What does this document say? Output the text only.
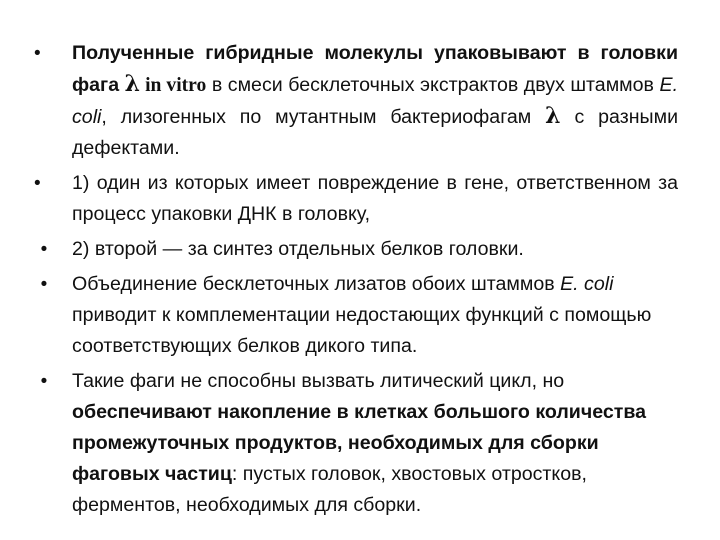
•	Полученные гибридные молекулы упаковывают в головки фага λ in vitro в смеси бесклеточных экстрактов двух штаммов E. coli, лизогенных по мутантным бактериофагам λ с разными дефектами.
•	1) один из которых имеет повреждение в гене, ответственном за процесс упаковки ДНК в головку,
•	2) второй — за синтез отдельных белков головки.
•	Объединение бесклеточных лизатов обоих штаммов E. coli приводит к комплементации недостающих функций с помощью соответствующих белков дикого типа.
•	Такие фаги не способны вызвать литический цикл, но обеспечивают накопление в клетках большого количества промежуточных продуктов, необходимых для сборки фаговых частиц: пустых головок, хвостовых отростков, ферментов, необходимых для сборки.
